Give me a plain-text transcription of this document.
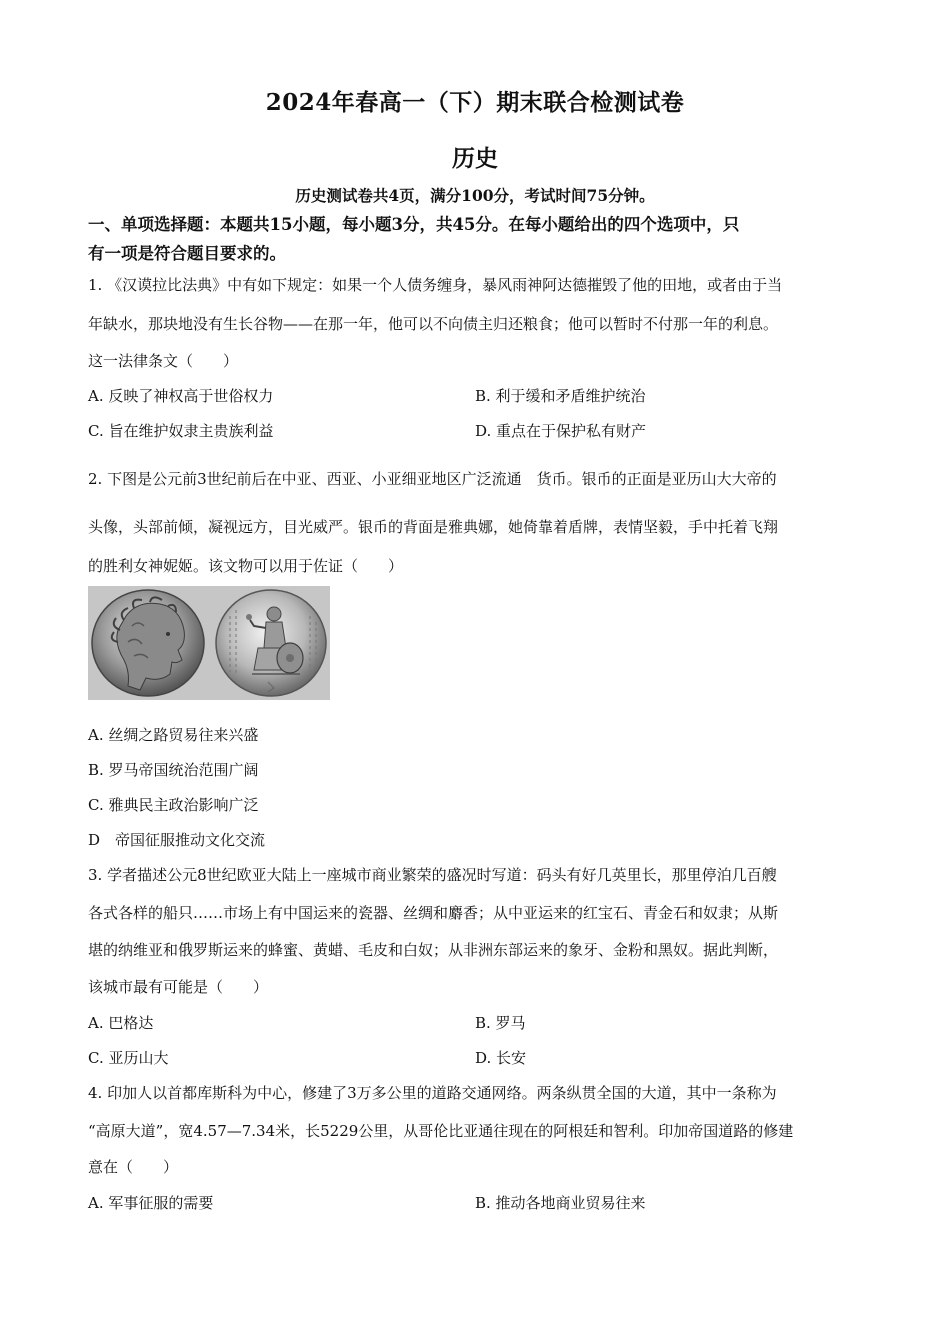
2024年春高一（下）期末联合检测试卷
历史
历史测试卷共4页，满分100分，考试时间75分钟。
一、单项选择题：本题共15小题，每小题3分，共45分。在每小题给出的四个选项中，只
有一项是符合题目要求的。
1. 《汉谟拉比法典》中有如下规定：如果一个人债务缠身，暴风雨神阿达德摧毁了他的田地，或者由于当
年缺水，那块地没有生长谷物——在那一年，他可以不向债主归还粮食；他可以暂时不付那一年的利息。
这一法律条文（　　）
A. 反映了神权高于世俗权力	B. 利于缓和矛盾维护统治
C. 旨在维护奴隶主贵族利益	D. 重点在于保护私有财产
2. 下图是公元前3世纪前后在中亚、西亚、小亚细亚地区广泛流通　货币。银币的正面是亚历山大大帝的
头像，头部前倾，凝视远方，目光威严。银币的背面是雅典娜，她倚靠着盾牌，表情坚毅，手中托着飞翔
的胜利女神妮姬。该文物可以用于佐证（　　）
A. 丝绸之路贸易往来兴盛
B. 罗马帝国统治范围广阔
C. 雅典民主政治影响广泛
D　帝国征服推动文化交流
3. 学者描述公元8世纪欧亚大陆上一座城市商业繁荣的盛况时写道：码头有好几英里长，那里停泊几百艘
各式各样的船只……市场上有中国运来的瓷器、丝绸和麝香；从中亚运来的红宝石、青金石和奴隶；从斯
堪的纳维亚和俄罗斯运来的蜂蜜、黄蜡、毛皮和白奴；从非洲东部运来的象牙、金粉和黑奴。据此判断，
该城市最有可能是（　　）
A. 巴格达	B. 罗马
C. 亚历山大	D. 长安
4. 印加人以首都库斯科为中心，修建了3万多公里的道路交通网络。两条纵贯全国的大道，其中一条称为
“高原大道”，宽4.57—7.34米，长5229公里，从哥伦比亚通往现在的阿根廷和智利。印加帝国道路的修建
意在（　　）
A. 军事征服的需要	B. 推动各地商业贸易往来
